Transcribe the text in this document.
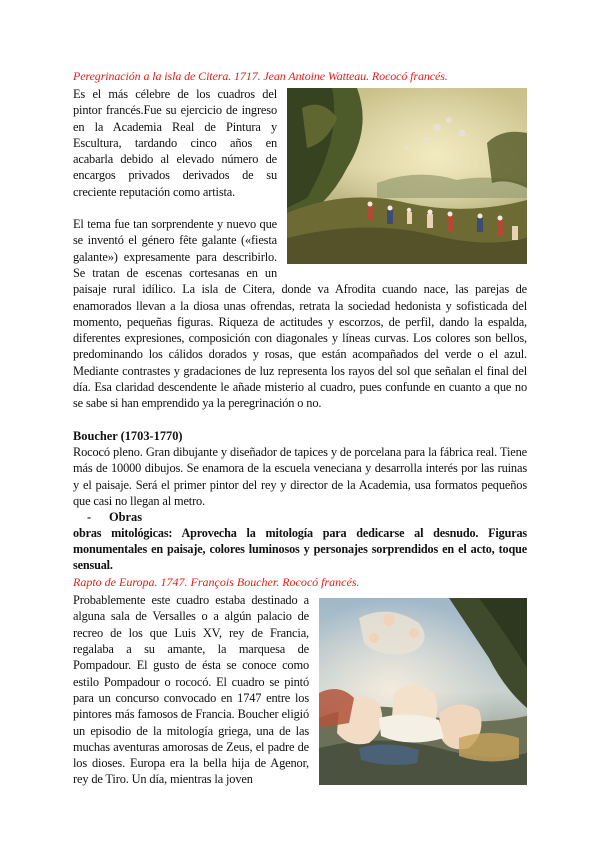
Peregrinación a la isla de Citera. 1717. Jean Antoine Watteau. Rococó francés.

Es el más célebre de los cuadros del pintor francés.Fue su ejercicio de ingreso en la Academia Real de Pintura y Escultura, tardando cinco años en acabarla debido al elevado número de encargos privados derivados de su creciente reputación como artista.

El tema fue tan sorprendente y nuevo que se inventó el género fête galante («fiesta galante») expresamente para describirlo. Se tratan de escenas cortesanas en un paisaje rural idílico. La isla de Citera, donde va Afrodita cuando nace, las parejas de enamorados llevan a la diosa unas ofrendas, retrata la sociedad hedonista y sofisticada del momento, pequeñas figuras. Riqueza de actitudes y escorzos, de perfil, dando la espalda, diferentes expresiones, composición con diagonales y líneas curvas. Los colores son bellos, predominando los cálidos dorados y rosas, que están acompañados del verde o el azul. Mediante contrastes y gradaciones de luz representa los rayos del sol que señalan el final del día. Esa claridad descendente le añade misterio al cuadro, pues confunde en cuanto a que no se sabe si han emprendido ya la peregrinación o no.

Boucher (1703-1770)

Rococó pleno. Gran dibujante y diseñador de tapices y de porcelana para la fábrica real. Tiene más de 10000 dibujos. Se enamora de la escuela veneciana y desarrolla interés por las ruinas y el paisaje. Será el primer pintor del rey y director de la Academia, usa formatos pequeños que casi no llegan al metro.

- Obras

obras mitológicas: Aprovecha la mitología para dedicarse al desnudo. Figuras monumentales en paisaje, colores luminosos y personajes sorprendidos en el acto, toque sensual.

Rapto de Europa. 1747. François Boucher. Rococó francés.

Probablemente este cuadro estaba destinado a alguna sala de Versalles o a algún palacio de recreo de los que Luis XV, rey de Francia, regalaba a su amante, la marquesa de Pompadour. El gusto de ésta se conoce como estilo Pompadour o rococó. El cuadro se pintó para un concurso convocado en 1747 entre los pintores más famosos de Francia. Boucher eligió un episodio de la mitología griega, una de las muchas aventuras amorosas de Zeus, el padre de los dioses. Europa era la bella hija de Agenor, rey de Tiro. Un día, mientras la joven
